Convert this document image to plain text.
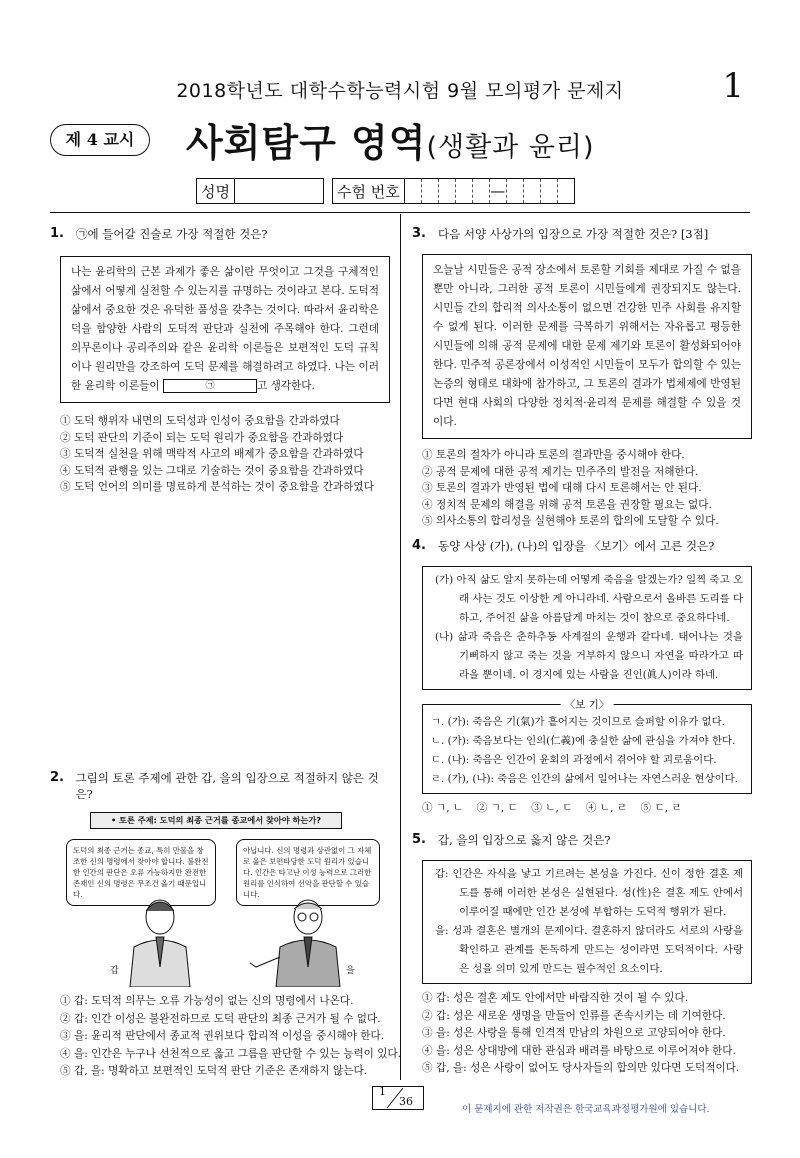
2018학년도 대학수학능력시험 9월 모의평가 문제지	1
제 4 교시	사회탐구 영역(생활과 윤리)
성명	수험 번호	—
1.	㉠에 들어갈 진술로 가장 적절한 것은?
나는 윤리학의 근본 과제가 좋은 삶이란 무엇이고 그것을 구체적인 삶에서 어떻게 실천할 수 있는지를 규명하는 것이라고 본다. 도덕적 삶에서 중요한 것은 유덕한 품성을 갖추는 것이다. 따라서 윤리학은 덕을 함양한 사람의 도덕적 판단과 실천에 주목해야 한다. 그런데 의무론이나 공리주의와 같은 윤리학 이론들은 보편적인 도덕 규칙이나 원리만을 강조하여 도덕 문제를 해결하려고 하였다. 나는 이러한 윤리학 이론들이	㉠	고 생각한다.
① 도덕 행위자 내면의 도덕성과 인성이 중요함을 간과하였다
② 도덕 판단의 기준이 되는 도덕 원리가 중요함을 간과하였다
③ 도덕적 실천을 위해 맥락적 사고의 배제가 중요함을 간과하였다
④ 도덕적 관행을 있는 그대로 기술하는 것이 중요함을 간과하였다
⑤ 도덕 언어의 의미를 명료하게 분석하는 것이 중요함을 간과하였다
2.	그림의 토론 주제에 관한 갑, 을의 입장으로 적절하지 않은 것은?
• 토론 주제: 도덕의 최종 근거를 종교에서 찾아야 하는가?
도덕의 최종 근거는 종교, 특히 만물을 창조한 신의 명령에서 찾아야 합니다. 불완전한 인간의 판단은 오류 가능하지만 완전한 존재인 신의 명령은 무조건 옳기 때문입니다.
아닙니다. 신의 명령과 상관없이 그 자체로 옳은 보편타당한 도덕 원리가 있습니다. 인간은 타고난 이성 능력으로 그러한 원리를 인식하여 선악을 판단할 수 있습니다.
갑	을
① 갑: 도덕적 의무는 오류 가능성이 없는 신의 명령에서 나온다.
② 갑: 인간 이성은 불완전하므로 도덕 판단의 최종 근거가 될 수 없다.
③ 을: 윤리적 판단에서 종교적 권위보다 합리적 이성을 중시해야 한다.
④ 을: 인간은 누구나 선천적으로 옳고 그름을 판단할 수 있는 능력이 있다.
⑤ 갑, 을: 명확하고 보편적인 도덕적 판단 기준은 존재하지 않는다.
3.	다음 서양 사상가의 입장으로 가장 적절한 것은? [3점]
오늘날 시민들은 공적 장소에서 토론할 기회를 제대로 가질 수 없을 뿐만 아니라, 그러한 공적 토론이 시민들에게 권장되지도 않는다. 시민들 간의 합리적 의사소통이 없으면 건강한 민주 사회를 유지할 수 없게 된다. 이러한 문제를 극복하기 위해서는 자유롭고 평등한 시민들에 의해 공적 문제에 대한 문제 제기와 토론이 활성화되어야 한다. 민주적 공론장에서 이성적인 시민들이 모두가 합의할 수 있는 논증의 형태로 대화에 참가하고, 그 토론의 결과가 법체제에 반영된다면 현대 사회의 다양한 정치적·윤리적 문제를 해결할 수 있을 것이다.
① 토론의 절차가 아니라 토론의 결과만을 중시해야 한다.
② 공적 문제에 대한 공적 제기는 민주주의 발전을 저해한다.
③ 토론의 결과가 반영된 법에 대해 다시 토론해서는 안 된다.
④ 정치적 문제의 해결을 위해 공적 토론을 권장할 필요는 없다.
⑤ 의사소통의 합리성을 실현해야 토론의 합의에 도달할 수 있다.
4.	동양 사상 (가), (나)의 입장을 〈보기〉에서 고른 것은?
(가) 아직 삶도 알지 못하는데 어떻게 죽음을 알겠는가? 일찍 죽고 오래 사는 것도 이상한 게 아니라네. 사람으로서 올바른 도리를 다하고, 주어진 삶을 아름답게 마치는 것이 참으로 중요하다네.
(나) 삶과 죽음은 춘하추동 사계절의 운행과 같다네. 태어나는 것을 기뻐하지 않고 죽는 것을 거부하지 않으니 자연을 따라가고 따라올 뿐이네. 이 경지에 있는 사람을 진인(眞人)이라 하네.
〈보 기〉
ㄱ. (가): 죽음은 기(氣)가 흩어지는 것이므로 슬퍼할 이유가 없다.
ㄴ. (가): 죽음보다는 인의(仁義)에 충실한 삶에 관심을 가져야 한다.
ㄷ. (나): 죽음은 인간이 윤회의 과정에서 겪어야 할 괴로움이다.
ㄹ. (가), (나): 죽음은 인간의 삶에서 일어나는 자연스러운 현상이다.
① ㄱ, ㄴ    ② ㄱ, ㄷ    ③ ㄴ, ㄷ    ④ ㄴ, ㄹ    ⑤ ㄷ, ㄹ
5.	갑, 을의 입장으로 옳지 않은 것은?
갑: 인간은 자식을 낳고 기르려는 본성을 가진다. 신이 정한 결혼 제도를 통해 이러한 본성은 실현된다. 성(性)은 결혼 제도 안에서 이루어질 때에만 인간 본성에 부합하는 도덕적 행위가 된다.
을: 성과 결혼은 별개의 문제이다. 결혼하지 않더라도 서로의 사랑을 확인하고 관계를 돈독하게 만드는 성이라면 도덕적이다. 사랑은 성을 의미 있게 만드는 필수적인 요소이다.
① 갑: 성은 결혼 제도 안에서만 바람직한 것이 될 수 있다.
② 갑: 성은 새로운 생명을 만들어 인류를 존속시키는 데 기여한다.
③ 을: 성은 사랑을 통해 인격적 만남의 차원으로 고양되어야 한다.
④ 을: 성은 상대방에 대한 관심과 배려를 바탕으로 이루어져야 한다.
⑤ 갑, 을: 성은 사랑이 없어도 당사자들의 합의만 있다면 도덕적이다.
1
36
이 문제지에 관한 저작권은 한국교육과정평가원에 있습니다.
